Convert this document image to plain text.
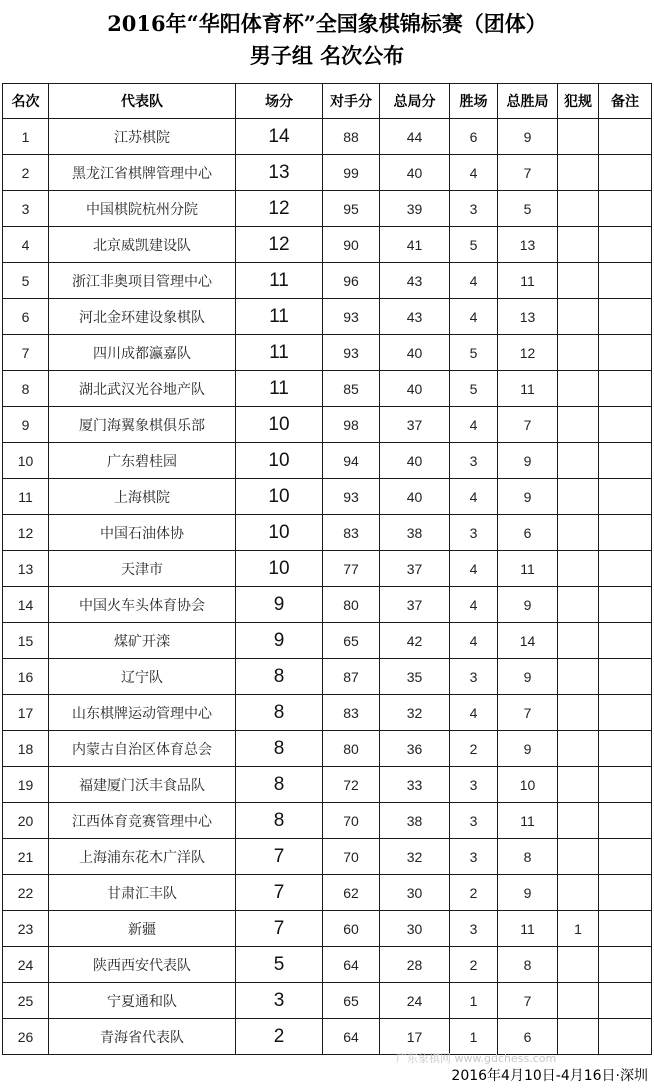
2016年“华阳体育杯”全国象棋锦标赛（团体）
男子组 名次公布
名次	代表队	场分	对手分	总局分	胜场	总胜局	犯规	备注
1	江苏棋院	14	88	44	6	9		
2	黑龙江省棋牌管理中心	13	99	40	4	7		
3	中国棋院杭州分院	12	95	39	3	5		
4	北京威凯建设队	12	90	41	5	13		
5	浙江非奥项目管理中心	11	96	43	4	11		
6	河北金环建设象棋队	11	93	43	4	13		
7	四川成都瀛嘉队	11	93	40	5	12		
8	湖北武汉光谷地产队	11	85	40	5	11		
9	厦门海翼象棋俱乐部	10	98	37	4	7		
10	广东碧桂园	10	94	40	3	9		
11	上海棋院	10	93	40	4	9		
12	中国石油体协	10	83	38	3	6		
13	天津市	10	77	37	4	11		
14	中国火车头体育协会	9	80	37	4	9		
15	煤矿开滦	9	65	42	4	14		
16	辽宁队	8	87	35	3	9		
17	山东棋牌运动管理中心	8	83	32	4	7		
18	内蒙古自治区体育总会	8	80	36	2	9		
19	福建厦门沃丰食品队	8	72	33	3	10		
20	江西体育竞赛管理中心	8	70	38	3	11		
21	上海浦东花木广洋队	7	70	32	3	8		
22	甘肃汇丰队	7	62	30	2	9		
23	新疆	7	60	30	3	11	1	
24	陕西西安代表队	5	64	28	2	8		
25	宁夏通和队	3	65	24	1	7		
26	青海省代表队	2	64	17	1	6		
广东象棋网 www.gdchess.com
2016年4月10日-4月16日·深圳
